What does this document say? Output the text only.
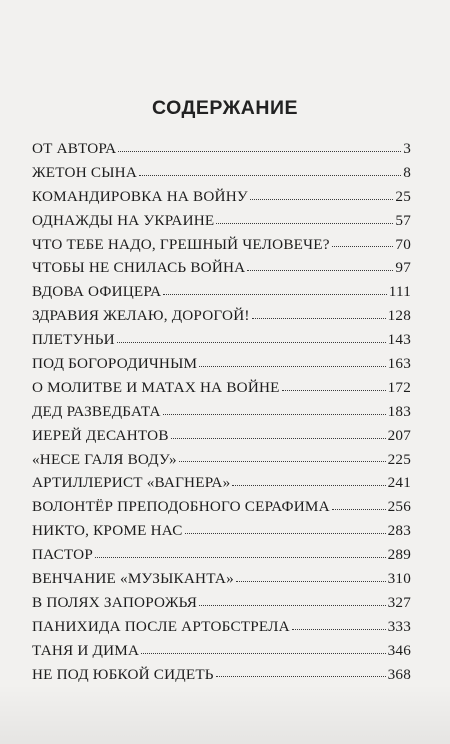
СОДЕРЖАНИЕ
ОТ АВТОРА	3
ЖЕТОН СЫНА	8
КОМАНДИРОВКА НА ВОЙНУ	25
ОДНАЖДЫ НА УКРАИНЕ	57
ЧТО ТЕБЕ НАДО, ГРЕШНЫЙ ЧЕЛОВЕЧЕ?	70
ЧТОБЫ НЕ СНИЛАСЬ ВОЙНА	97
ВДОВА ОФИЦЕРА	111
ЗДРАВИЯ ЖЕЛАЮ, ДОРОГОЙ!	128
ПЛЕТУНЬИ	143
ПОД БОГОРОДИЧНЫМ	163
О МОЛИТВЕ И МАТАХ НА ВОЙНЕ	172
ДЕД РАЗВЕДБАТА	183
ИЕРЕЙ ДЕСАНТОВ	207
«НЕСЕ ГАЛЯ ВОДУ»	225
АРТИЛЛЕРИСТ «ВАГНЕРА»	241
ВОЛОНТЁР ПРЕПОДОБНОГО СЕРАФИМА	256
НИКТО, КРОМЕ НАС	283
ПАСТОР	289
ВЕНЧАНИЕ «МУЗЫКАНТА»	310
В ПОЛЯХ ЗАПОРОЖЬЯ	327
ПАНИХИДА ПОСЛЕ АРТОБСТРЕЛА	333
ТАНЯ И ДИМА	346
НЕ ПОД ЮБКОЙ СИДЕТЬ	368
